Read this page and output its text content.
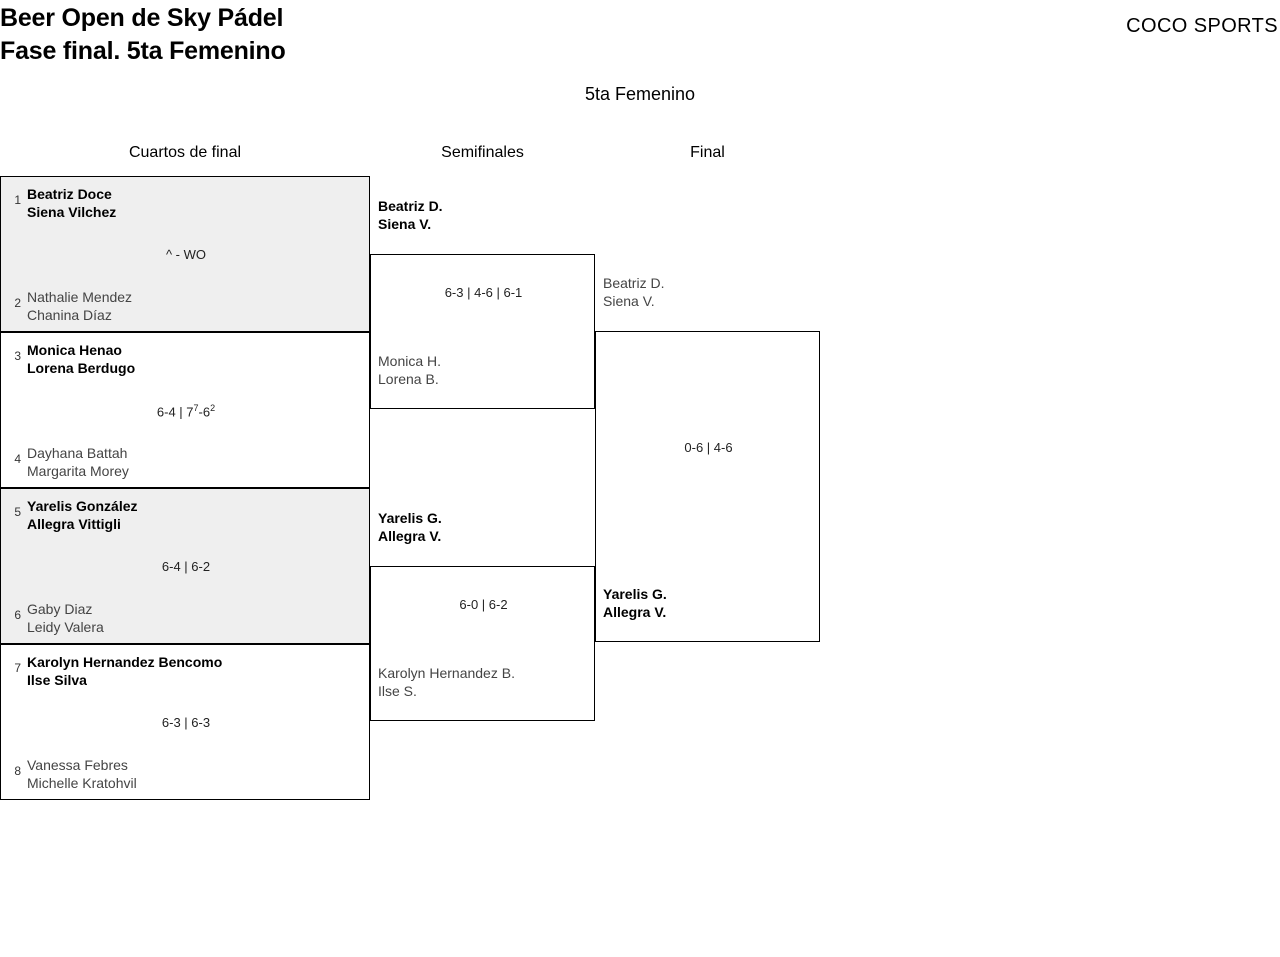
Beer Open de Sky Pádel
Fase final. 5ta Femenino
COCO SPORTS
5ta Femenino
Cuartos de final	Semifinales	Final
1 Beatriz Doce
Siena Vilchez
^ - WO
2 Nathalie Mendez
Chanina Díaz
3 Monica Henao
Lorena Berdugo
6-4 | $7^7-6^2$
4 Dayhana Battah
Margarita Morey
5 Yarelis González
Allegra Vittigli
6-4 | 6-2
6 Gaby Diaz
Leidy Valera
7 Karolyn Hernandez Bencomo
Ilse Silva
6-3 | 6-3
8 Vanessa Febres
Michelle Kratohvil
Beatriz D.
Siena V.
6-3 | 4-6 | 6-1
Monica H.
Lorena B.
Yarelis G.
Allegra V.
6-0 | 6-2
Karolyn Hernandez B.
Ilse S.
Beatriz D.
Siena V.
0-6 | 4-6
Yarelis G.
Allegra V.
